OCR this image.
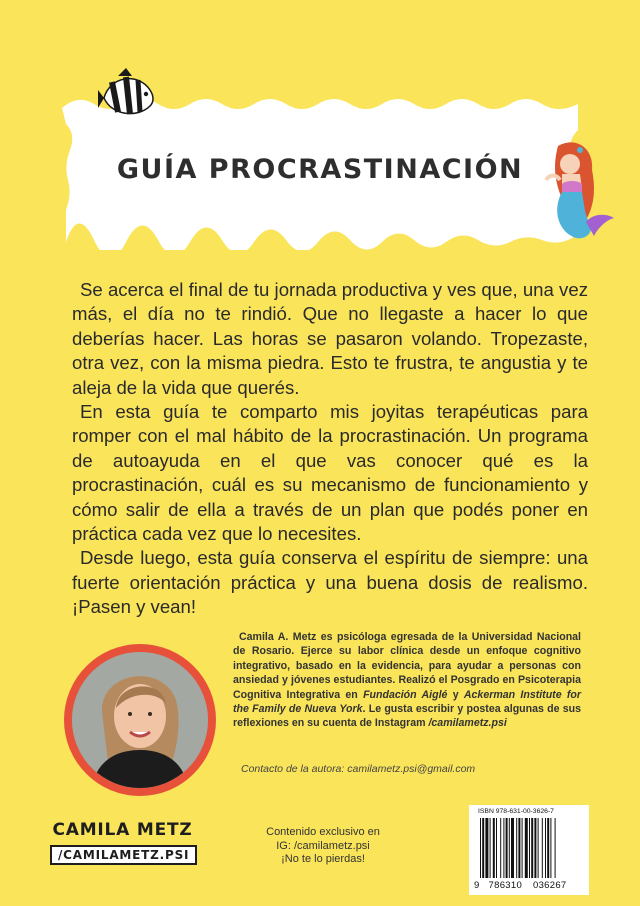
GUÍA PROCRASTINACIÓN

Se acerca el final de tu jornada productiva y ves que, una vez más, el día no te rindió. Que no llegaste a hacer lo que deberías hacer. Las horas se pasaron volando. Tropezaste, otra vez, con la misma piedra. Esto te frustra, te angustia y te aleja de la vida que querés.

En esta guía te comparto mis joyitas terapéuticas para romper con el mal hábito de la procrastinación. Un programa de autoayuda en el que vas conocer qué es la procrastinación, cuál es su mecanismo de funcionamiento y cómo salir de ella a través de un plan que podés poner en práctica cada vez que lo necesites.

Desde luego, esta guía conserva el espíritu de siempre: una fuerte orientación práctica y una buena dosis de realismo. ¡Pasen y vean!

Camila A. Metz es psicóloga egresada de la Universidad Nacional de Rosario. Ejerce su labor clínica desde un enfoque cognitivo integrativo, basado en la evidencia, para ayudar a personas con ansiedad y jóvenes estudiantes. Realizó el Posgrado en Psicoterapia Cognitiva Integrativa en Fundación Aiglé y Ackerman Institute for the Family de Nueva York. Le gusta escribir y postea algunas de sus reflexiones en su cuenta de Instagram /camilametz.psi
Contacto de la autora: camilametz.psi@gmail.com
CAMILA METZ
/CAMILAMETZ.PSI
Contenido exclusivo en
IG: /camilametz.psi
¡No te lo pierdas!
ISBN 978-631-00-3626-7
9 786310 036267
